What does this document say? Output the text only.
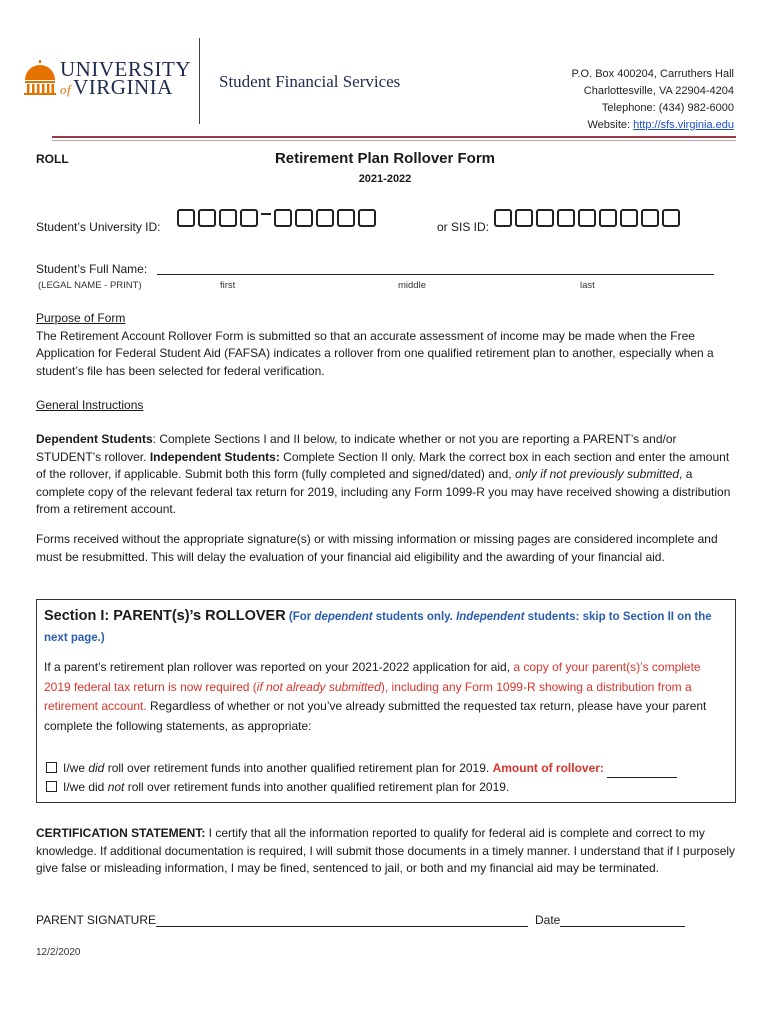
UNIVERSITY
ofVIRGINIA	Student Financial Services	P.O. Box 400204, Carruthers Hall
Charlottesville, VA 22904-4204
Telephone: (434) 982-6000
Website: http://sfs.virginia.edu
ROLL	Retirement Plan Rollover Form
2021-2022
Student’s University ID:	or SIS ID:
Student’s Full Name:
(LEGAL NAME - PRINT)	first	middle	last
Purpose of Form
The Retirement Account Rollover Form is submitted so that an accurate assessment of income may be made when the Free Application for Federal Student Aid (FAFSA) indicates a rollover from one qualified retirement plan to another, especially when a student’s file has been selected for federal verification.
General Instructions
Dependent Students: Complete Sections I and II below, to indicate whether or not you are reporting a PARENT’s and/or STUDENT’s rollover. Independent Students: Complete Section II only. Mark the correct box in each section and enter the amount of the rollover, if applicable. Submit both this form (fully completed and signed/dated) and, only if not previously submitted, a complete copy of the relevant federal tax return for 2019, including any Form 1099-R you may have received showing a distribution from a retirement account.
Forms received without the appropriate signature(s) or with missing information or missing pages are considered incomplete and must be resubmitted. This will delay the evaluation of your financial aid eligibility and the awarding of your financial aid.
Section I: PARENT(s)’s ROLLOVER (For dependent students only. Independent students: skip to Section II on the next page.)
If a parent’s retirement plan rollover was reported on your 2021-2022 application for aid, a copy of your parent(s)’s complete 2019 federal tax return is now required (if not already submitted), including any Form 1099-R showing a distribution from a retirement account. Regardless of whether or not you’ve already submitted the requested tax return, please have your parent complete the following statements, as appropriate:
I/we did roll over retirement funds into another qualified retirement plan for 2019. Amount of rollover:
I/we did not roll over retirement funds into another qualified retirement plan for 2019.
CERTIFICATION STATEMENT: I certify that all the information reported to qualify for federal aid is complete and correct to my knowledge. If additional documentation is required, I will submit those documents in a timely manner. I understand that if I purposely give false or misleading information, I may be fined, sentenced to jail, or both and my financial aid may be terminated.
PARENT SIGNATURE	Date
12/2/2020
